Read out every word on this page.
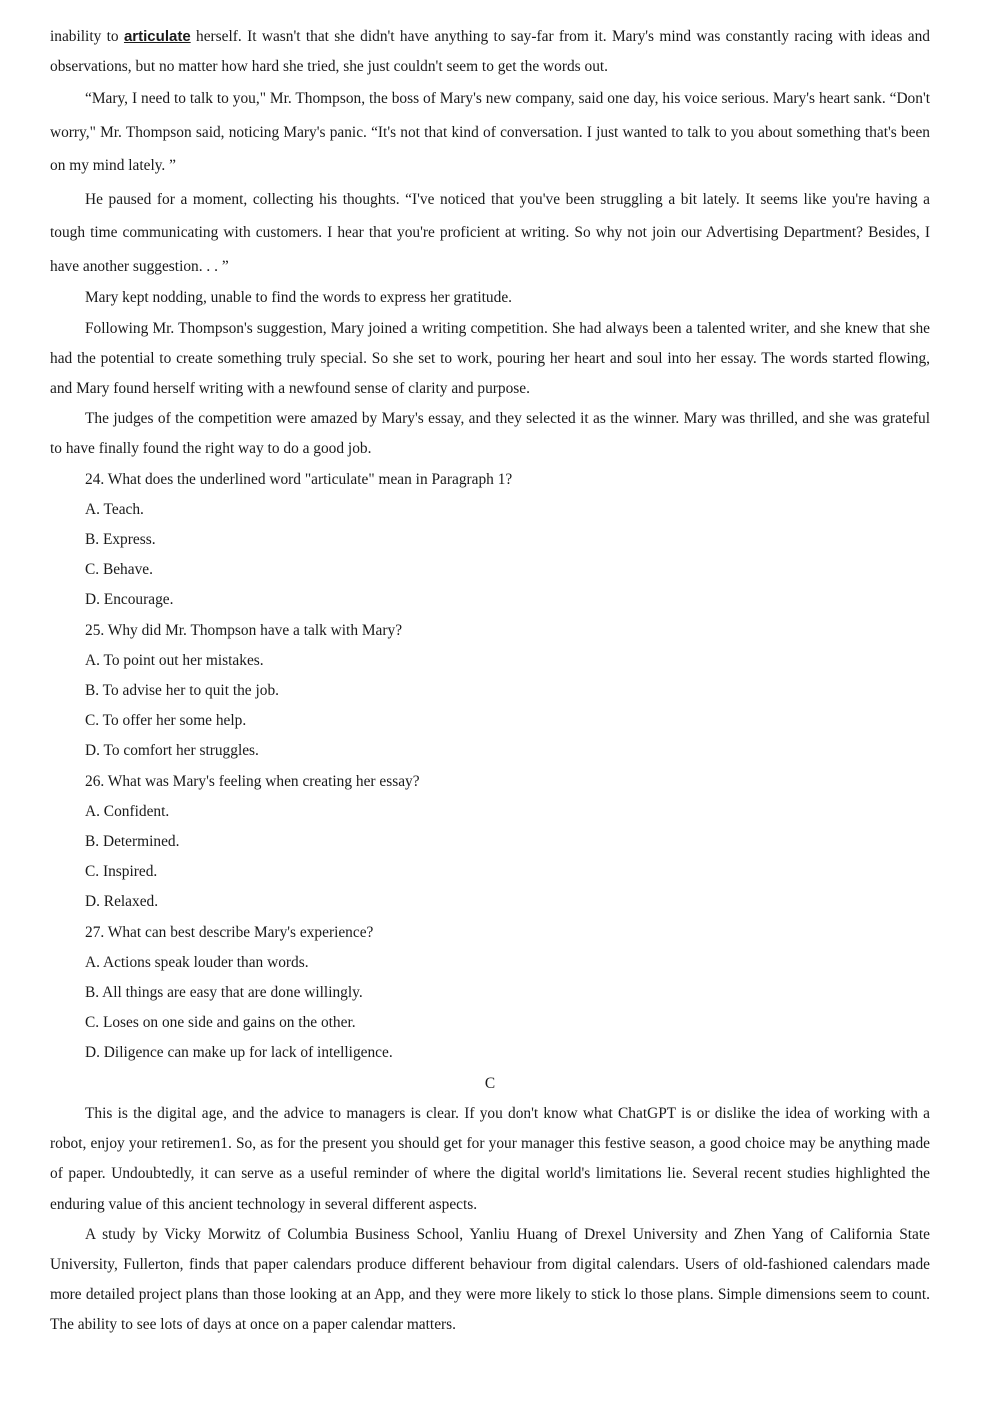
inability to articulate herself. It wasn't that she didn't have anything to say-far from it. Mary's mind was constantly racing with ideas and observations, but no matter how hard she tried, she just couldn't seem to get the words out.

“Mary, I need to talk to you," Mr. Thompson, the boss of Mary's new company, said one day, his voice serious. Mary's heart sank. “Don't worry," Mr. Thompson said, noticing Mary's panic. “It's not that kind of conversation. I just wanted to talk to you about something that's been on my mind lately. ”

He paused for a moment, collecting his thoughts. “I've noticed that you've been struggling a bit lately. It seems like you're having a tough time communicating with customers. I hear that you're proficient at writing. So why not join our Advertising Department? Besides, I have another suggestion. . . ”

Mary kept nodding, unable to find the words to express her gratitude.

Following Mr. Thompson's suggestion, Mary joined a writing competition. She had always been a talented writer, and she knew that she had the potential to create something truly special. So she set to work, pouring her heart and soul into her essay. The words started flowing, and Mary found herself writing with a newfound sense of clarity and purpose.

The judges of the competition were amazed by Mary's essay, and they selected it as the winner. Mary was thrilled, and she was grateful to have finally found the right way to do a good job.

24. What does the underlined word "articulate" mean in Paragraph 1?

A. Teach.

B. Express.

C. Behave.

D. Encourage.

25. Why did Mr. Thompson have a talk with Mary?

A. To point out her mistakes.

B. To advise her to quit the job.

C. To offer her some help.

D. To comfort her struggles.

26. What was Mary's feeling when creating her essay?

A. Confident.

B. Determined.

C. Inspired.

D. Relaxed.

27. What can best describe Mary's experience?

A. Actions speak louder than words.

B. All things are easy that are done willingly.

C. Loses on one side and gains on the other.

D. Diligence can make up for lack of intelligence.

C

This is the digital age, and the advice to managers is clear. If you don't know what ChatGPT is or dislike the idea of working with a robot, enjoy your retiremen1. So, as for the present you should get for your manager this festive season, a good choice may be anything made of paper. Undoubtedly, it can serve as a useful reminder of where the digital world's limitations lie. Several recent studies highlighted the enduring value of this ancient technology in several different aspects.

A study by Vicky Morwitz of Columbia Business School, Yanliu Huang of Drexel University and Zhen Yang of California State University, Fullerton, finds that paper calendars produce different behaviour from digital calendars. Users of old-fashioned calendars made more detailed project plans than those looking at an App, and they were more likely to stick lo those plans. Simple dimensions seem to count. The ability to see lots of days at once on a paper calendar matters.
